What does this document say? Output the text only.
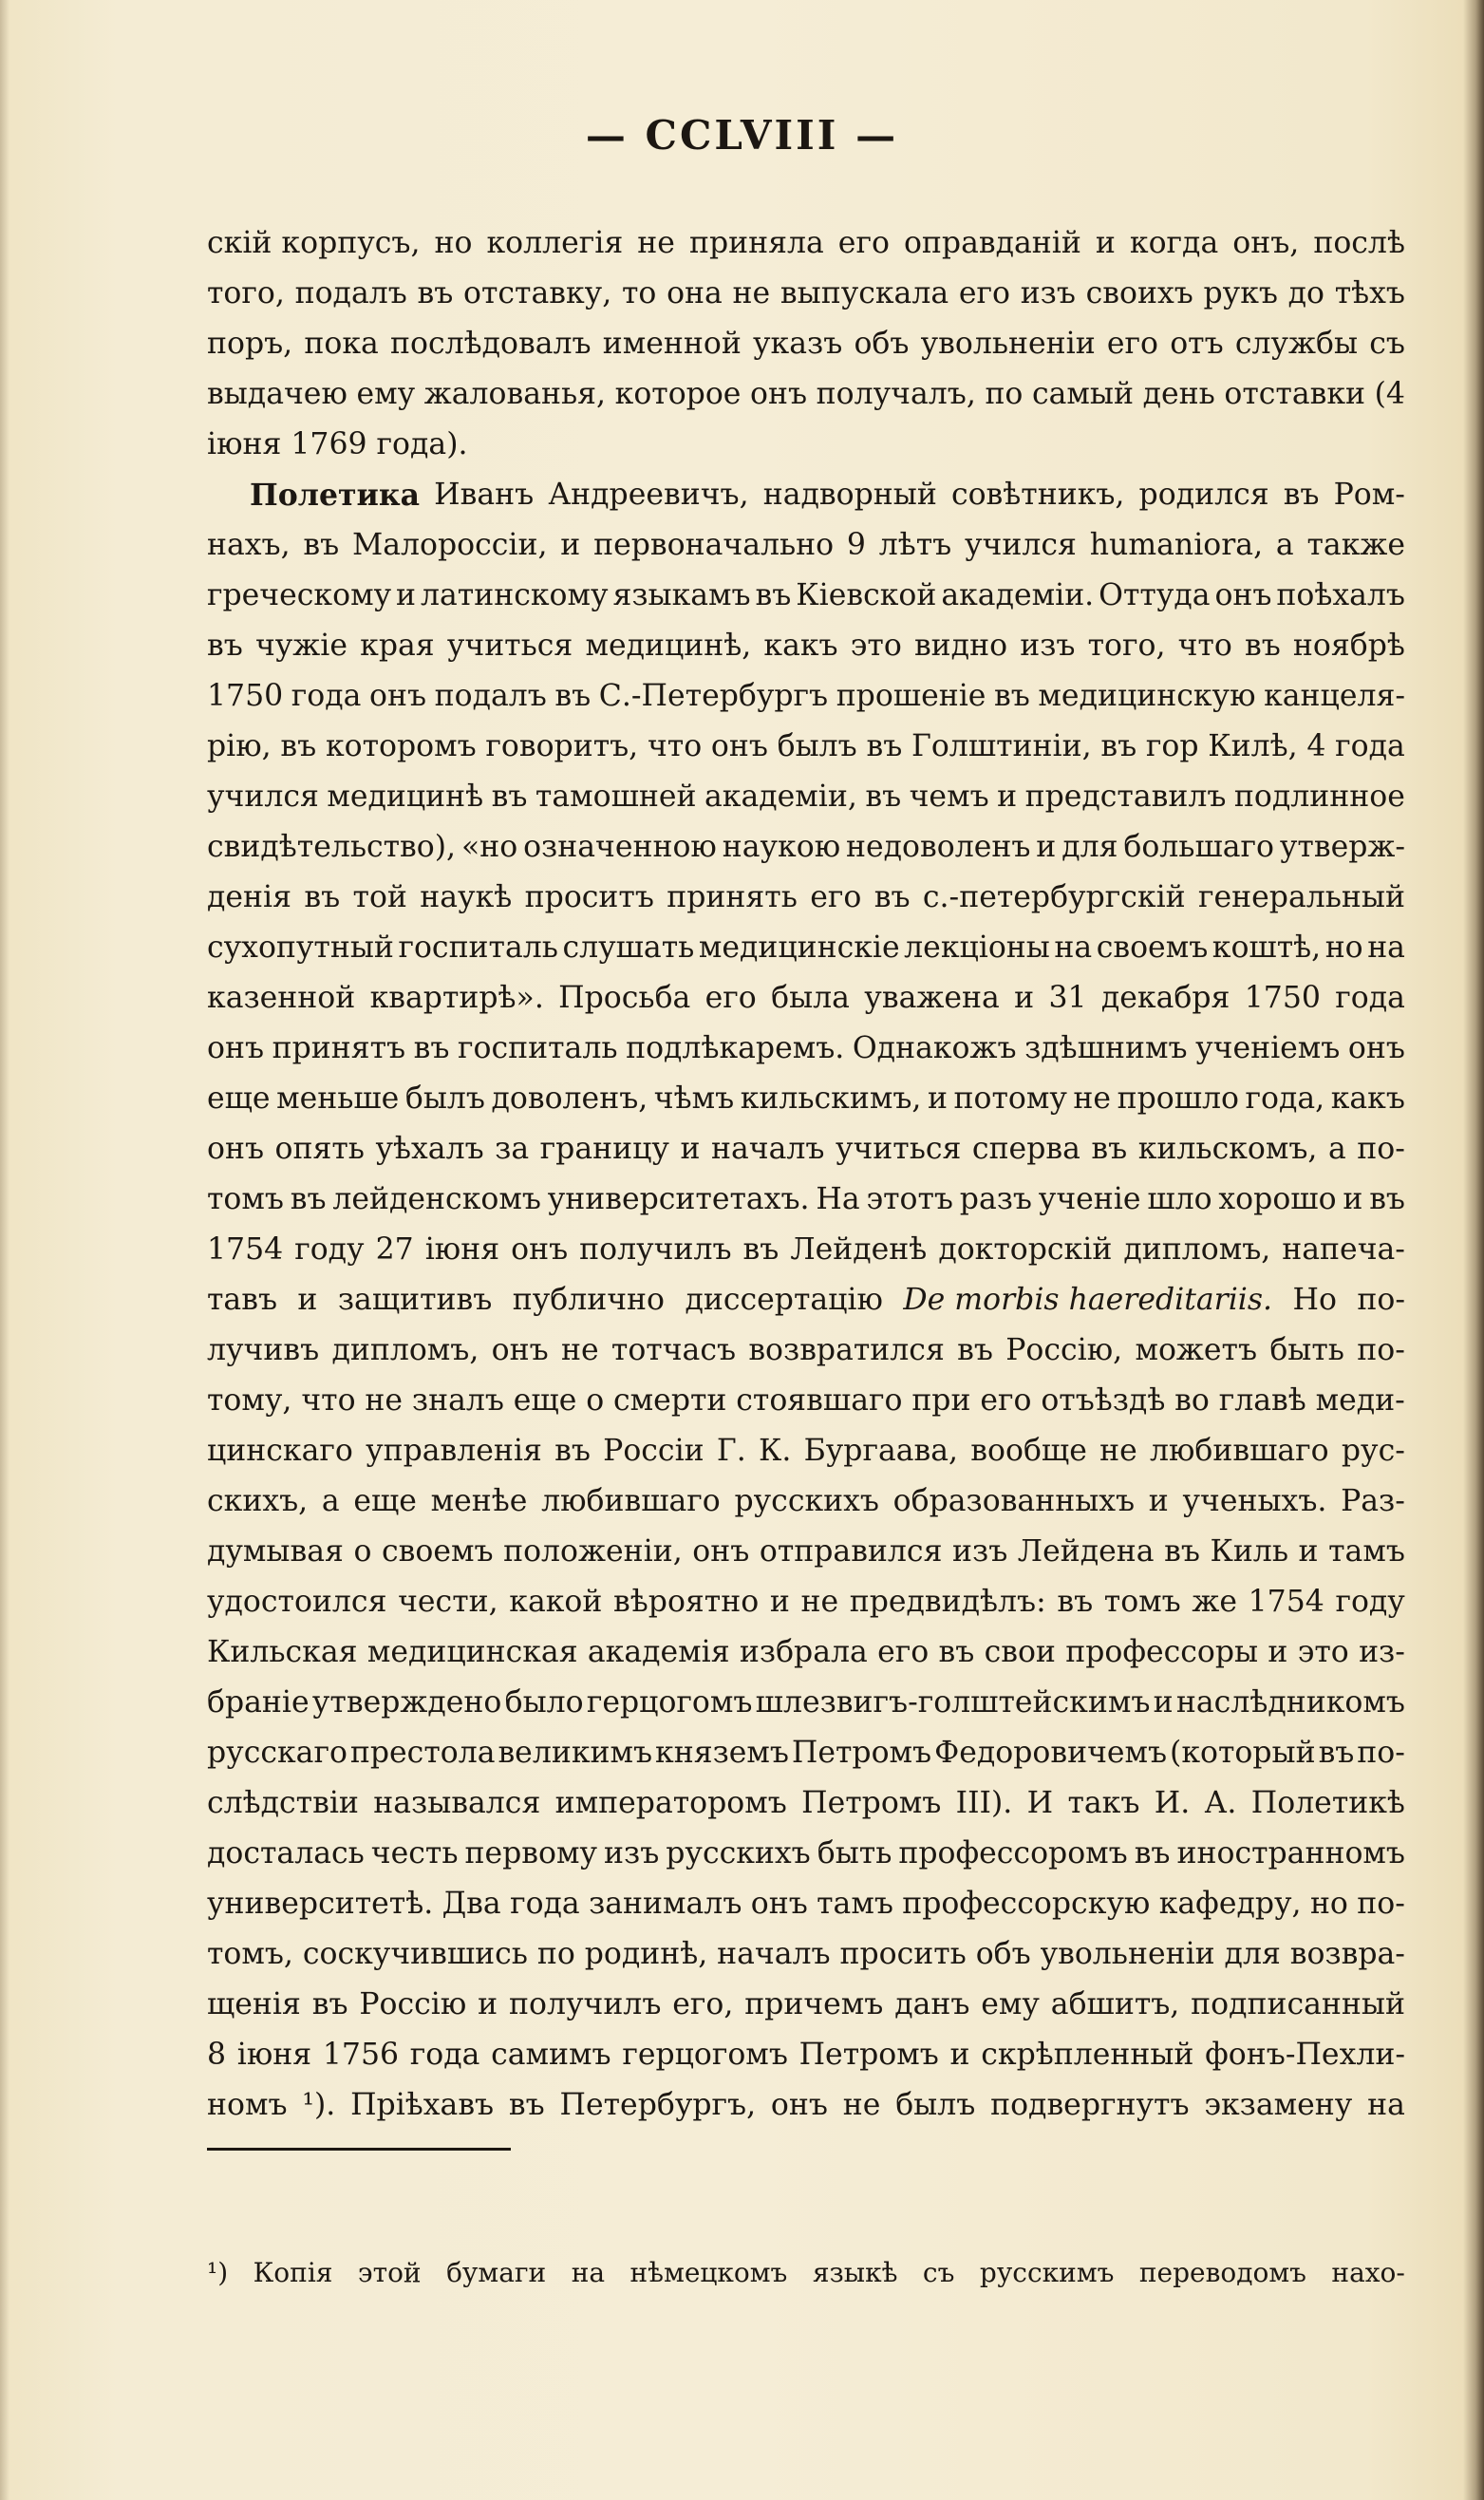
— CCLVIII —
скій корпусъ, но коллегія не приняла его оправданій и когда онъ, послѣ
того, подалъ въ отставку, то она не выпускала его изъ своихъ рукъ до тѣхъ
поръ, пока послѣдовалъ именной указъ объ увольненіи его отъ службы съ
выдачею ему жалованья, которое онъ получалъ, по самый день отставки (4
іюня 1769 года).
Полетика Иванъ Андреевичъ, надворный совѣтникъ, родился въ Ром-
нахъ, въ Малороссіи, и первоначально 9 лѣтъ учился humaniora, а также
греческому и латинскому языкамъ въ Кіевской академіи. Оттуда онъ поѣхалъ
въ чужіе края учиться медицинѣ, какъ это видно изъ того, что въ ноябрѣ
1750 года онъ подалъ въ С.-Петербургъ прошеніе въ медицинскую канцеля-
рію, въ которомъ говоритъ, что онъ былъ въ Голштиніи, въ гор Килѣ, 4 года
учился медицинѣ въ тамошней академіи, въ чемъ и представилъ подлинное
свидѣтельство), «но означенною наукою недоволенъ и для большаго утверж-
денія въ той наукѣ проситъ принять его въ с.-петербургскій генеральный
сухопутный госпиталь слушать медицинскіе лекціоны на своемъ коштѣ, но на
казенной квартирѣ». Просьба его была уважена и 31 декабря 1750 года
онъ принятъ въ госпиталь подлѣкаремъ. Однакожъ здѣшнимъ ученіемъ онъ
еще меньше былъ доволенъ, чѣмъ кильскимъ, и потому не прошло года, какъ
онъ опять уѣхалъ за границу и началъ учиться сперва въ кильскомъ, а по-
томъ въ лейденскомъ университетахъ. На этотъ разъ ученіе шло хорошо и въ
1754 году 27 іюня онъ получилъ въ Лейденѣ докторскій дипломъ, напеча-
тавъ и защитивъ публично диссертацію De morbis haereditariis. Но по-
лучивъ дипломъ, онъ не тотчасъ возвратился въ Россію, можетъ быть по-
тому, что не зналъ еще о смерти стоявшаго при его отъѣздѣ во главѣ меди-
цинскаго управленія въ Россіи Г. К. Бургаава, вообще не любившаго рус-
скихъ, а еще менѣе любившаго русскихъ образованныхъ и ученыхъ. Раз-
думывая о своемъ положеніи, онъ отправился изъ Лейдена въ Киль и тамъ
удостоился чести, какой вѣроятно и не предвидѣлъ: въ томъ же 1754 году
Кильская медицинская академія избрала его въ свои профессоры и это из-
браніе утверждено было герцогомъ шлезвигъ-голштейскимъ и наслѣдникомъ
русскаго престола великимъ княземъ Петромъ Федоровичемъ (который въ по-
слѣдствіи назывался императоромъ Петромъ III). И такъ И. А. Полетикѣ
досталась честь первому изъ русскихъ быть профессоромъ въ иностранномъ
университетѣ. Два года занималъ онъ тамъ профессорскую кафедру, но по-
томъ, соскучившись по родинѣ, началъ просить объ увольненіи для возвра-
щенія въ Россію и получилъ его, причемъ данъ ему абшитъ, подписанный
8 іюня 1756 года самимъ герцогомъ Петромъ и скрѣпленный фонъ-Пехли-
номъ ¹). Пріѣхавъ въ Петербургъ, онъ не былъ подвергнутъ экзамену на
¹) Копія этой бумаги на нѣмецкомъ языкѣ съ русскимъ переводомъ нахо-
